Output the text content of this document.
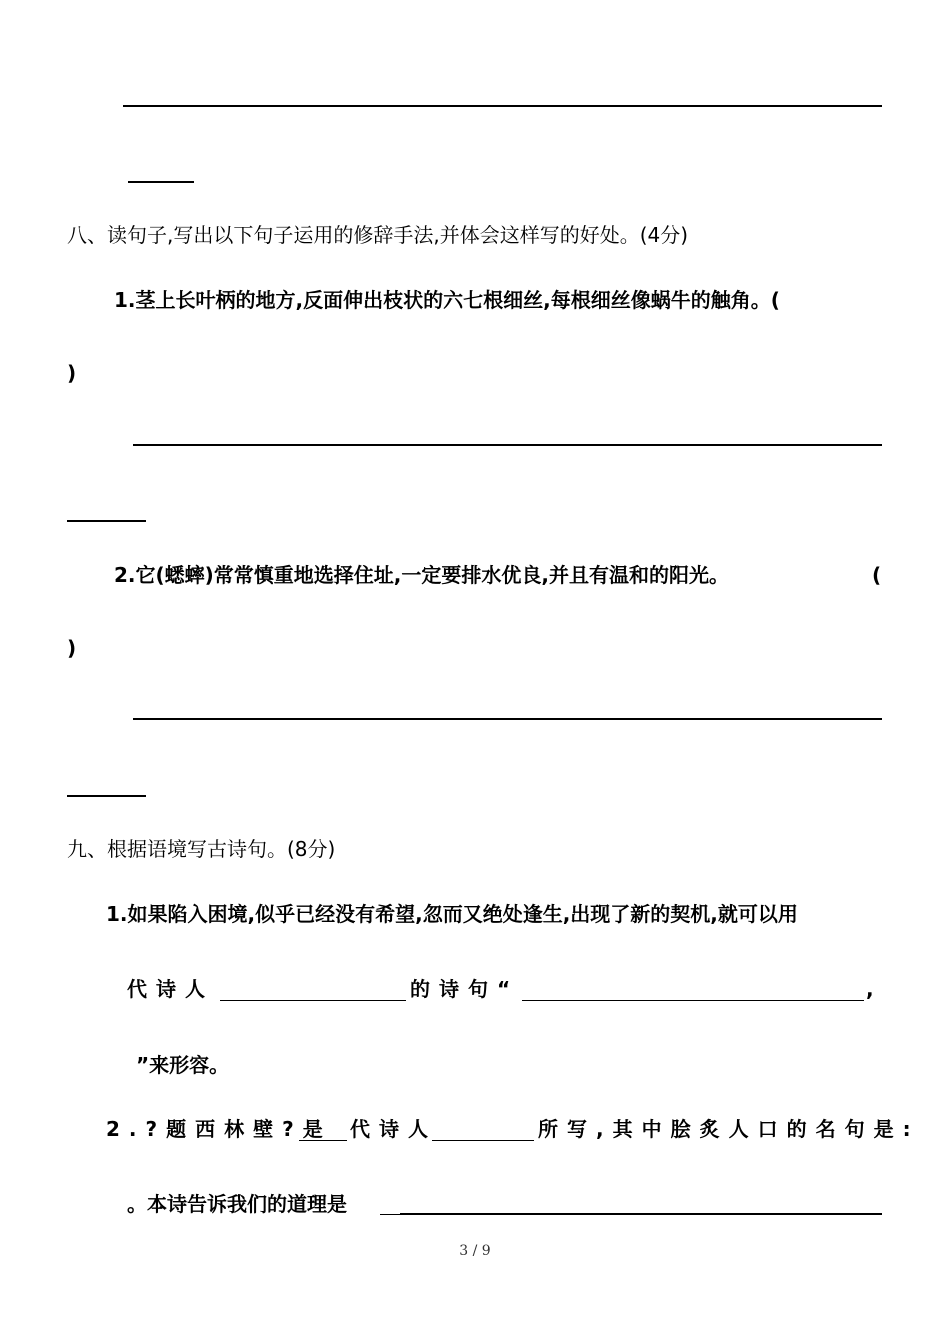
八、读句子,写出以下句子运用的修辞手法,并体会这样写的好处。(4分)
1.茎上长叶柄的地方,反面伸出枝状的六七根细丝,每根细丝像蜗牛的触角。(
)
2.它(蟋蟀)常常慎重地选择住址,一定要排水优良,并且有温和的阳光。	(
)
九、根据语境写古诗句。(8分)
1.如果陷入困境,似乎已经没有希望,忽而又绝处逢生,出现了新的契机,就可以用
代诗人	的诗句“	,
”来形容。
2.?题西林壁?是 代诗人	所写,其中脍炙人口的名句是:
。本诗告诉我们的道理是
3 / 9
